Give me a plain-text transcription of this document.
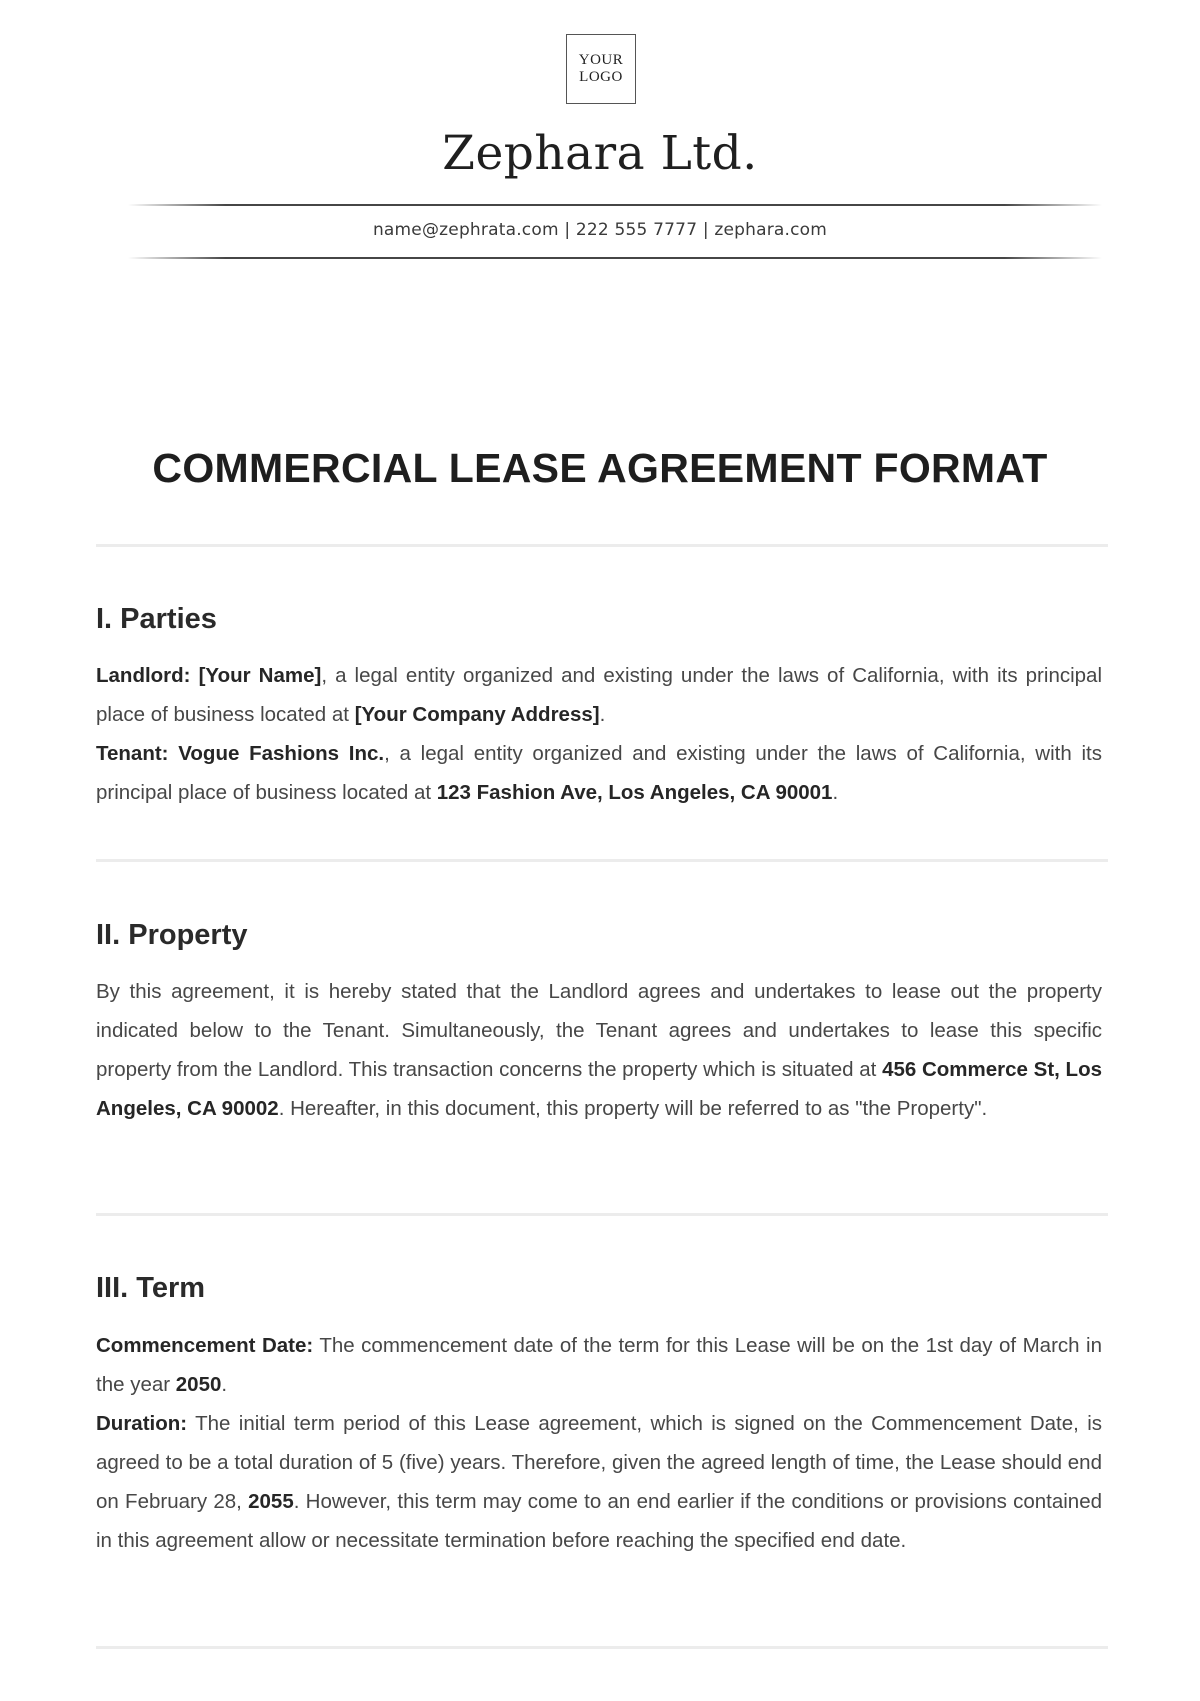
YOUR
LOGO
Zephara Ltd.
name@zephrata.com | 222 555 7777 | zephara.com
COMMERCIAL LEASE AGREEMENT FORMAT
I. Parties

Landlord: [Your Name], a legal entity organized and existing under the laws of California, with its principal place of business located at [Your Company Address].
Tenant: Vogue Fashions Inc., a legal entity organized and existing under the laws of California, with its principal place of business located at 123 Fashion Ave, Los Angeles, CA 90001.

II. Property

By this agreement, it is hereby stated that the Landlord agrees and undertakes to lease out the property indicated below to the Tenant. Simultaneously, the Tenant agrees and undertakes to lease this specific property from the Landlord. This transaction concerns the property which is situated at 456 Commerce St, Los Angeles, CA 90002. Hereafter, in this document, this property will be referred to as "the Property".

III. Term

Commencement Date: The commencement date of the term for this Lease will be on the 1st day of March in the year 2050.
Duration: The initial term period of this Lease agreement, which is signed on the Commencement Date, is agreed to be a total duration of 5 (five) years. Therefore, given the agreed length of time, the Lease should end on February 28, 2055. However, this term may come to an end earlier if the conditions or provisions contained in this agreement allow or necessitate termination before reaching the specified end date.
